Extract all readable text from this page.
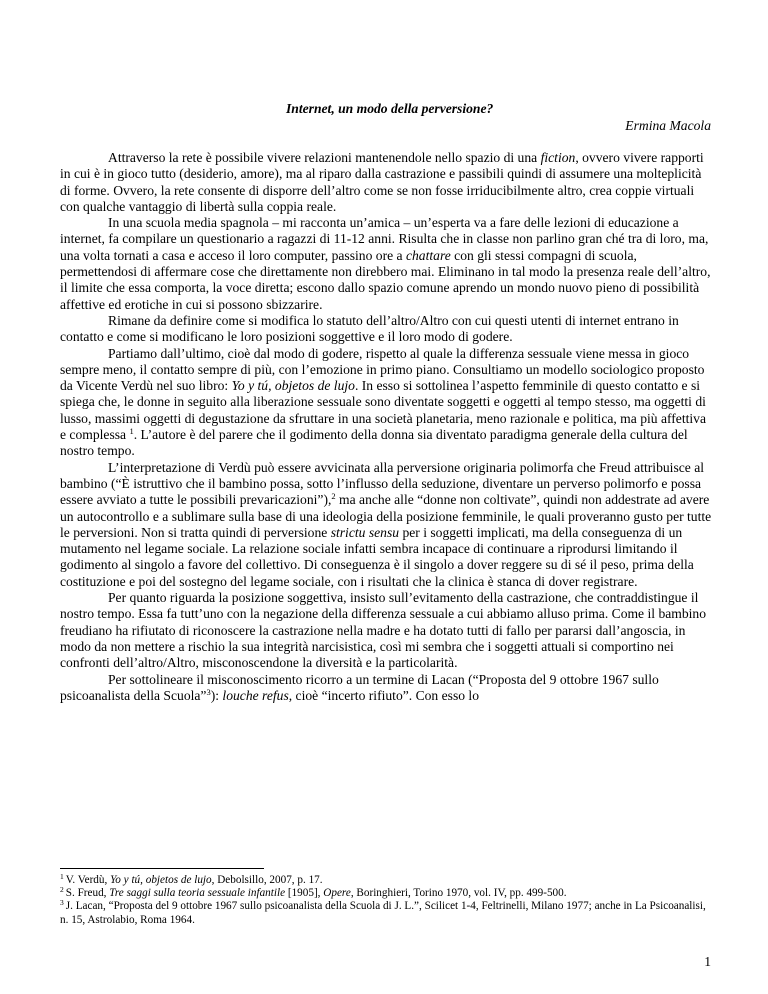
Internet, un modo della perversione?
Ermina Macola

Attraverso la rete è possibile vivere relazioni mantenendole nello spazio di una fiction, ovvero vivere rapporti in cui è in gioco tutto (desiderio, amore), ma al riparo dalla castrazione e passibili quindi di assumere una molteplicità di forme. Ovvero, la rete consente di disporre dell’altro come se non fosse irriducibilmente altro, crea coppie virtuali con qualche vantaggio di libertà sulla coppia reale.

In una scuola media spagnola – mi racconta un’amica – un’esperta va a fare delle lezioni di educazione a internet, fa compilare un questionario a ragazzi di 11-12 anni. Risulta che in classe non parlino gran ché tra di loro, ma, una volta tornati a casa e acceso il loro computer, passino ore a chattare con gli stessi compagni di scuola, permettendosi di affermare cose che direttamente non direbbero mai. Eliminano in tal modo la presenza reale dell’altro, il limite che essa comporta, la voce diretta; escono dallo spazio comune aprendo un mondo nuovo pieno di possibilità affettive ed erotiche in cui si possono sbizzarire.

Rimane da definire come si modifica lo statuto dell’altro/Altro con cui questi utenti di internet entrano in contatto e come si modificano le loro posizioni soggettive e il loro modo di godere.

Partiamo dall’ultimo, cioè dal modo di godere, rispetto al quale la differenza sessuale viene messa in gioco sempre meno, il contatto sempre di più, con l’emozione in primo piano. Consultiamo un modello sociologico proposto da Vicente Verdù nel suo libro: Yo y tú, objetos de lujo. In esso si sottolinea l’aspetto femminile di questo contatto e si spiega che, le donne in seguito alla liberazione sessuale sono diventate soggetti e oggetti al tempo stesso, ma oggetti di lusso, massimi oggetti di degustazione da sfruttare in una società planetaria, meno razionale e politica, ma più affettiva e complessa $^1$. L’autore è del parere che il godimento della donna sia diventato paradigma generale della cultura del nostro tempo.

L’interpretazione di Verdù può essere avvicinata alla perversione originaria polimorfa che Freud attribuisce al bambino (“È istruttivo che il bambino possa, sotto l’influsso della seduzione, diventare un perverso polimorfo e possa essere avviato a tutte le possibili prevaricazioni”),$^2$ ma anche alle “donne non coltivate”, quindi non addestrate ad avere un autocontrollo e a sublimare sulla base di una ideologia della posizione femminile, le quali proveranno gusto per tutte le perversioni. Non si tratta quindi di perversione strictu sensu per i soggetti implicati, ma della conseguenza di un mutamento nel legame sociale. La relazione sociale infatti sembra incapace di continuare a riprodursi limitando il godimento al singolo a favore del collettivo. Di conseguenza è il singolo a dover reggere su di sé il peso, prima della costituzione e poi del sostegno del legame sociale, con i risultati che la clinica è stanca di dover registrare.

Per quanto riguarda la posizione soggettiva, insisto sull’evitamento della castrazione, che contraddistingue il nostro tempo. Essa fa tutt’uno con la negazione della differenza sessuale a cui abbiamo alluso prima. Come il bambino freudiano ha rifiutato di riconoscere la castrazione nella madre e ha dotato tutti di fallo per pararsi dall’angoscia, in modo da non mettere a rischio la sua integrità narcisistica, così mi sembra che i soggetti attuali si comportino nei confronti dell’altro/Altro, misconoscendone la diversità e la particolarità.

Per sottolineare il misconoscimento ricorro a un termine di Lacan (“Proposta del 9 ottobre 1967 sullo psicoanalista della Scuola”$^3$): louche refus, cioè “incerto rifiuto”. Con esso lo

$^1$ V. Verdù, Yo y tú, objetos de lujo, Debolsillo, 2007, p. 17.

$^2$ S. Freud, Tre saggi sulla teoria sessuale infantile [1905], Opere, Boringhieri, Torino 1970, vol. IV, pp. 499-500.

$^3$ J. Lacan, “Proposta del 9 ottobre 1967 sullo psicoanalista della Scuola di J. L.”, Scilicet 1-4, Feltrinelli, Milano 1977; anche in La Psicoanalisi, n. 15, Astrolabio, Roma 1964.

1
